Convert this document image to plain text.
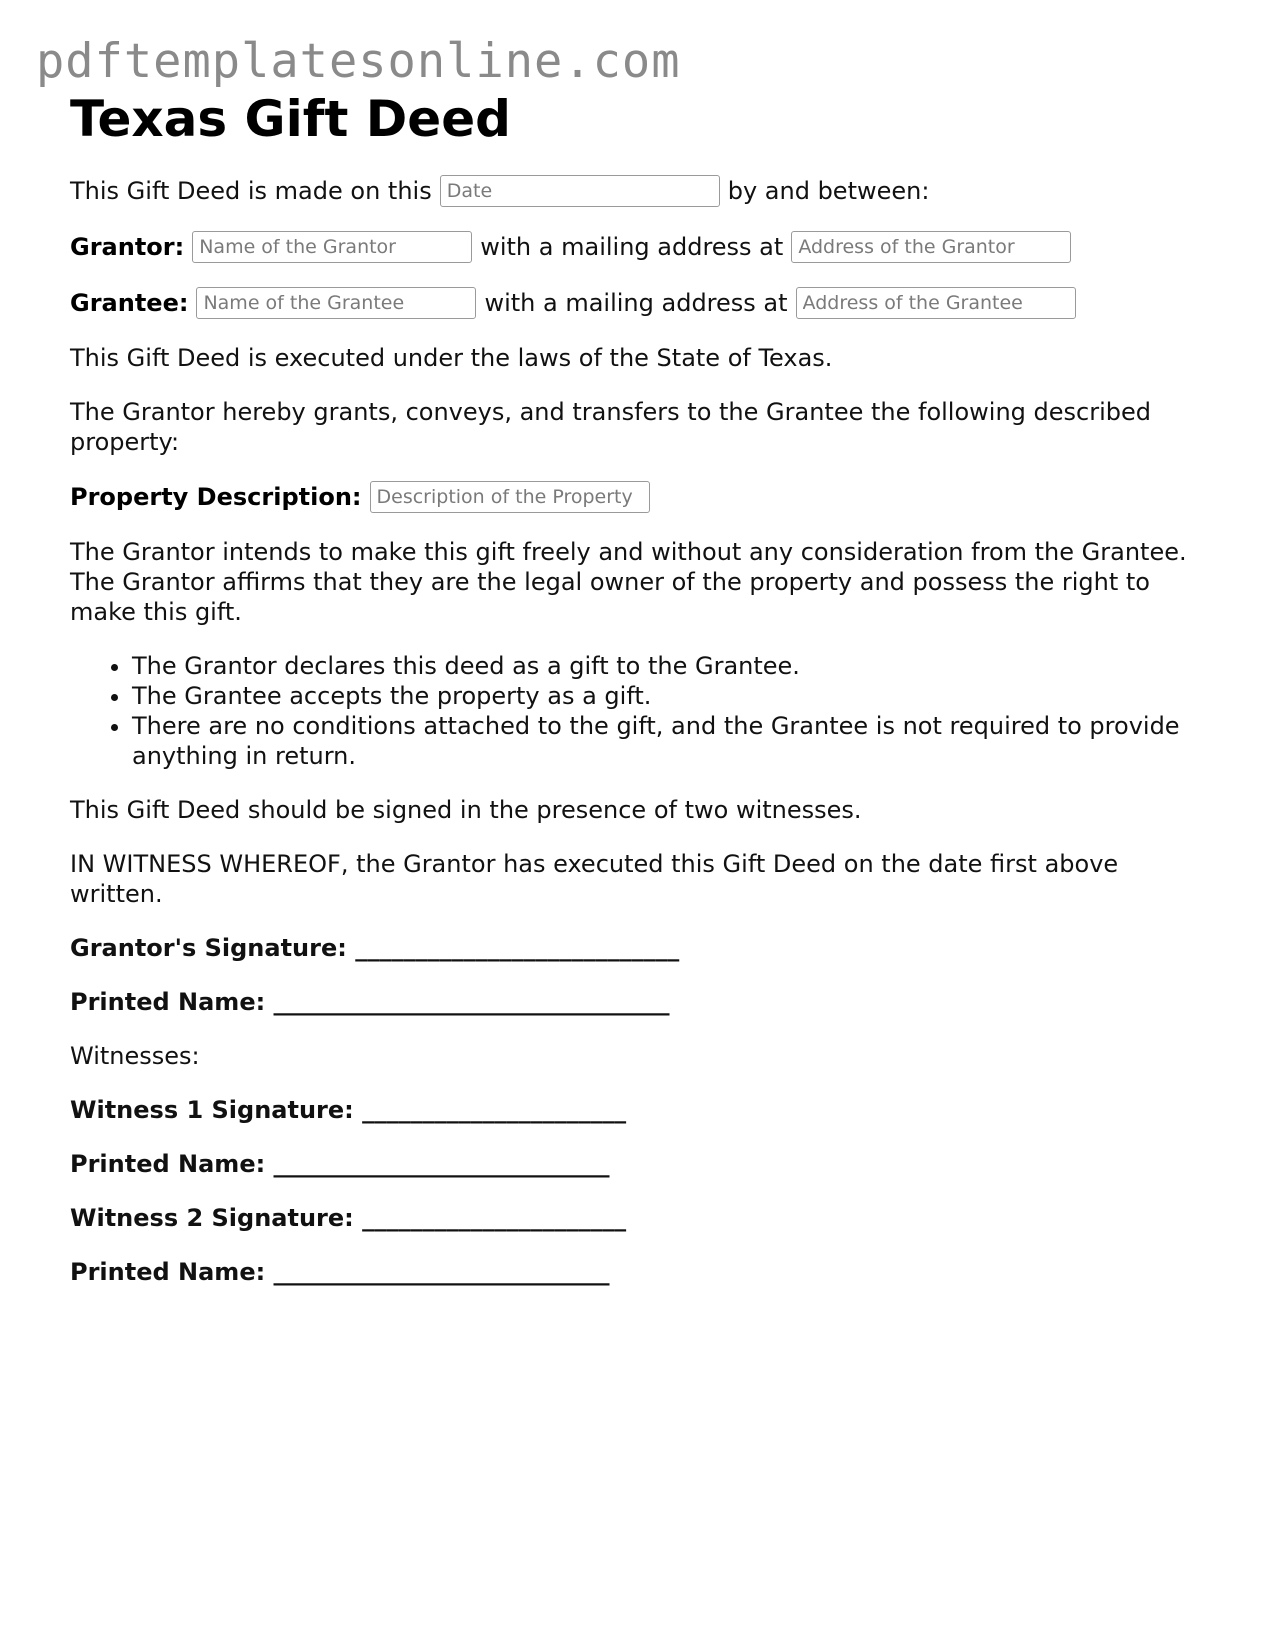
pdftemplatesonline.com
Texas Gift Deed
This Gift Deed is made on this
Date	by and between:
Grantor:
Name of the Grantor	with a mailing address at
Address of the Grantor
Grantee:
Name of the Grantee	with a mailing address at
Address of the Grantee

This Gift Deed is executed under the laws of the State of Texas.

The Grantor hereby grants, conveys, and transfers to the Grantee the following described property:

Property Description:
Description of the Property

The Grantor intends to make this gift freely and without any consideration from the Grantee. The Grantor affirms that they are the legal owner of the property and possess the right to make this gift.

• The Grantor declares this deed as a gift to the Grantee.
• The Grantee accepts the property as a gift.
• There are no conditions attached to the gift, and the Grantee is not required to provide anything in return.

This Gift Deed should be signed in the presence of two witnesses.

IN WITNESS WHEREOF, the Grantor has executed this Gift Deed on the date first above written.

Grantor's Signature: ___________________________
Printed Name: _________________________________
Witnesses:
Witness 1 Signature: ______________________
Printed Name: ____________________________
Witness 2 Signature: ______________________
Printed Name: ____________________________
